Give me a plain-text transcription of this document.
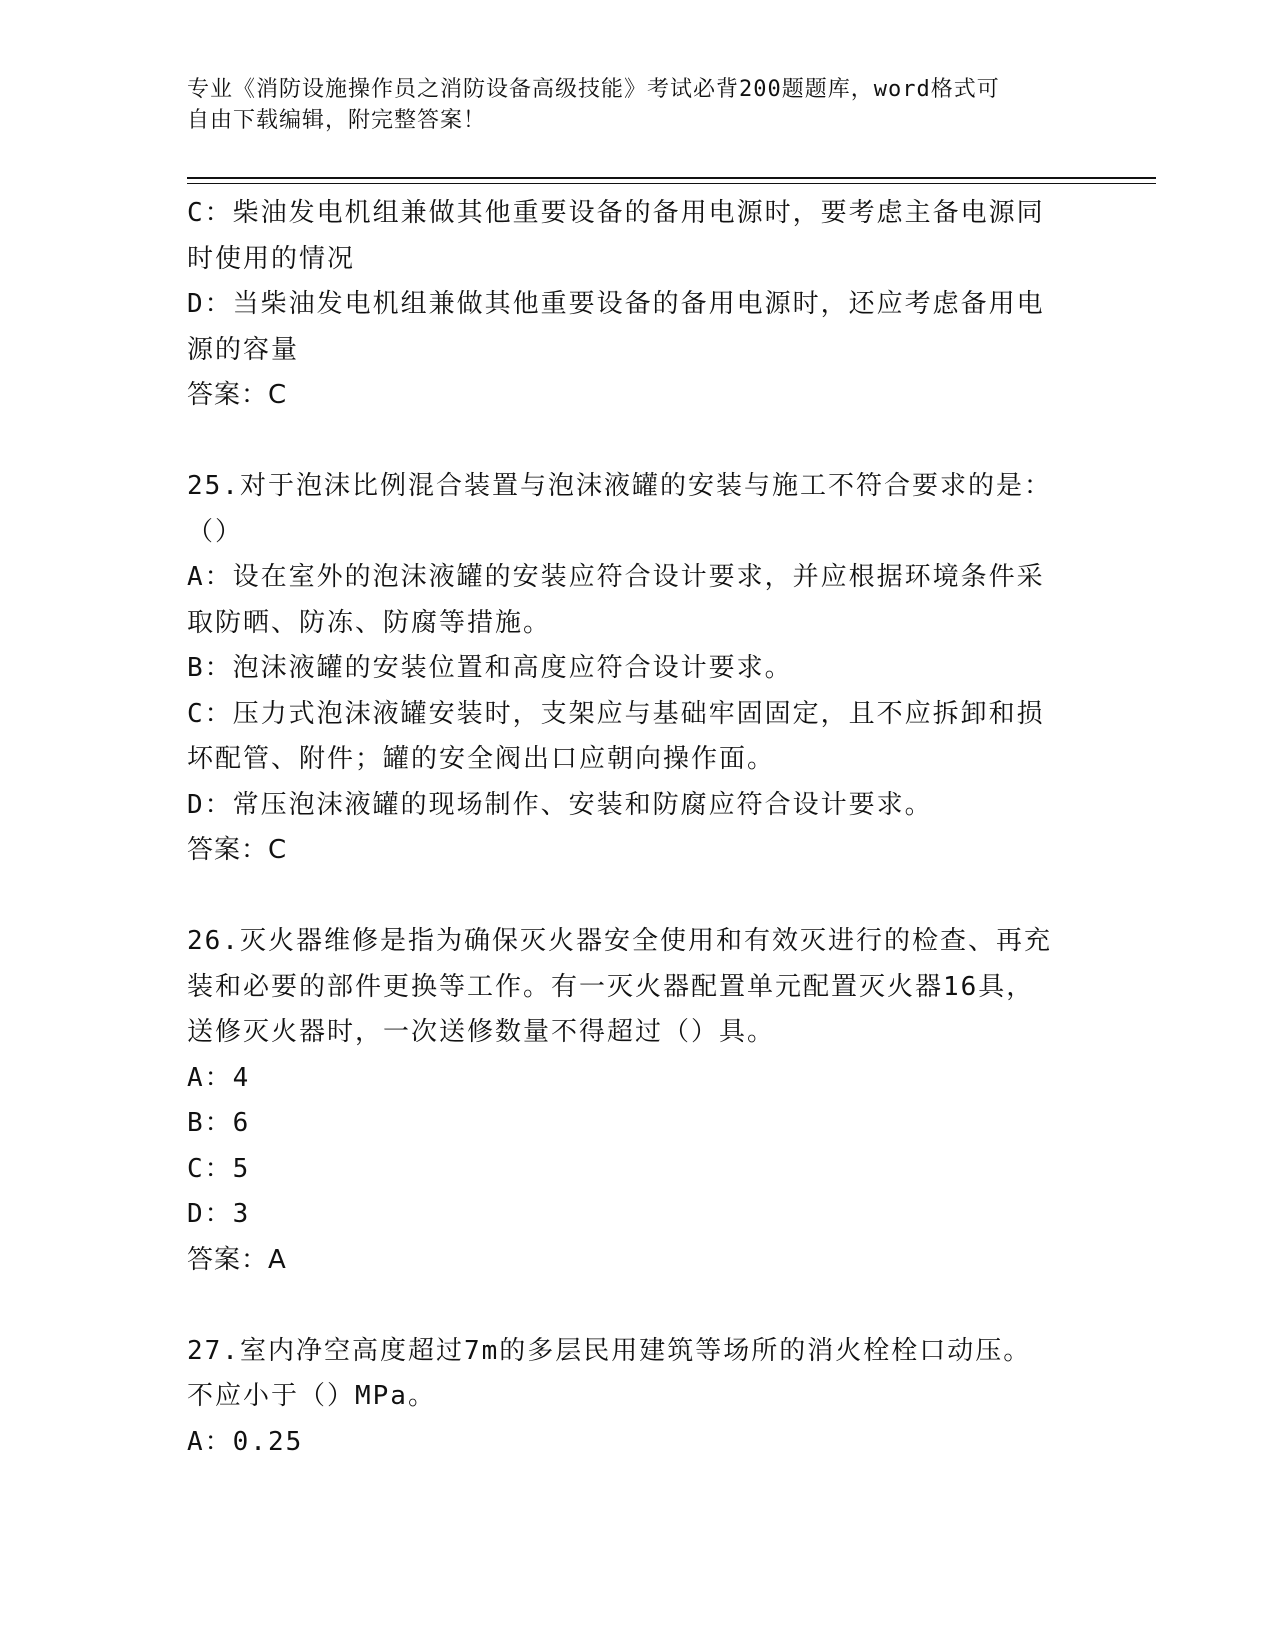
专业《消防设施操作员之消防设备高级技能》考试必背200题题库，word格式可
自由下载编辑，附完整答案！
C：柴油发电机组兼做其他重要设备的备用电源时，要考虑主备电源同
时使用的情况
D：当柴油发电机组兼做其他重要设备的备用电源时，还应考虑备用电
源的容量
答案：C
25.对于泡沫比例混合装置与泡沫液罐的安装与施工不符合要求的是：
（）
A：设在室外的泡沫液罐的安装应符合设计要求，并应根据环境条件采
取防晒、防冻、防腐等措施。
B：泡沫液罐的安装位置和高度应符合设计要求。
C：压力式泡沫液罐安装时，支架应与基础牢固固定，且不应拆卸和损
坏配管、附件；罐的安全阀出口应朝向操作面。
D：常压泡沫液罐的现场制作、安装和防腐应符合设计要求。
答案：C
26.灭火器维修是指为确保灭火器安全使用和有效灭进行的检查、再充
装和必要的部件更换等工作。有一灭火器配置单元配置灭火器16具，
送修灭火器时，一次送修数量不得超过（）具。
A：4
B：6
C：5
D：3
答案：A
27.室内净空高度超过7m的多层民用建筑等场所的消火栓栓口动压。
不应小于（）MPa。
A：0.25
